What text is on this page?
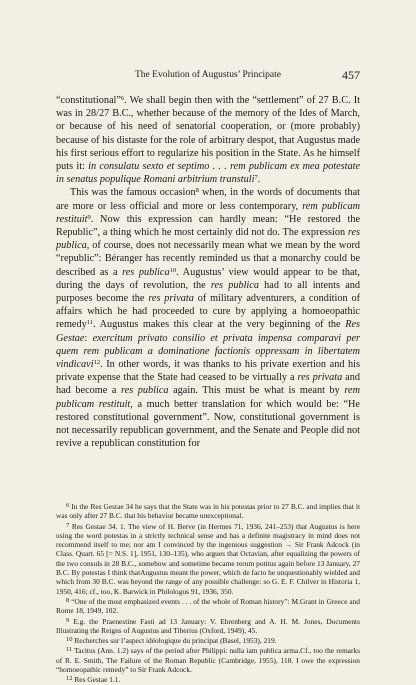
The Evolution of Augustus’ Principate	457

“constitutional”$^6$. We shall begin then with the “settlement” of 27 B.C. It was in 28/27 B.C., whether because of the memory of the Ides of March, or because of his need of senatorial cooperation, or (more probably) because of his distaste for the role of arbitrary despot, that Augustus made his first serious effort to regularize his position in the State. As he himself puts it: in consulatu sexto et septimo . . . rem publicam ex mea potestate in senatus populique Romani arbitrium transtuli$^7$.

This was the famous occasion$^8$ when, in the words of documents that are more or less official and more or less contemporary, rem publicam restituit$^9$. Now this expression can hardly mean: “He restored the Republic”, a thing which he most certainly did not do. The expression res publica, of course, does not necessarily mean what we mean by the word “republic”: Béranger has recently reminded us that a monarchy could be described as a res publica$^{10}$. Augustus’ view would appear to be that, during the days of revolution, the res publica had to all intents and purposes become the res privata of military adventurers, a condition of affairs which he had proceeded to cure by applying a homoeopathic remedy$^{11}$. Augustus makes this clear at the very beginning of the Res Gestae: exercitum privato consilio et privata impensa comparavi per quem rem publicam a dominatione factionis oppressam in libertatem vindicavi$^{12}$. In other words, it was thanks to his private exertion and his private expense that the State had ceased to be virtually a res privata and had become a res publica again. This must be what is meant by rem publicam restituit, a much better translation for which would be: “He restored constitutional government”. Now, constitutional government is not necessarily republican government, and the Senate and People did not revive a republican constitution for

6 In the Res Gestae 34 he says that the State was in his potestas prior to 27 B.C. and implies that it was only after 27 B.C. that his behavior became unexceptional.

7 Res Gestae 34. 1. The view of H. Berve (in Hermes 71, 1936, 241–253) that Augustus is here using the word potestas in a strictly technical sense and has a definite magistracy in mind does not recommend itself to me; nor am I convinced by the ingenious suggestion → Sir Frank Adcock (in Class. Quart. 65 [= N.S. 1], 1951, 130–135), who argues that Octavian, after equalizing the powers of the two consuls in 28 B.C., somehow and sometime became rerum potitus again before 13 January, 27 B.C. By potestas I think thatAugustus meant the power, which de facto he unquestionably wielded and which from 30 B.C. was beyond the range of any possible challenge: so G. E. F. Chilver in Historia 1, 1950, 416; cf., too, K. Barwick in Philologus 91, 1936, 350.

8 “One of the most emphasized events . . . of the whole of Roman history”: M.Grant in Greece and Rome 18, 1949, 102.

9 E.g. the Praenestine Fasti ad 13 January: V. Ehrenberg and A. H. M. Jones, Documents Illustrating the Reigns of Augustus and Tiberius (Oxford, 1949), 45.

10 Recherches sur l’aspect idéologique du principat (Basel, 1953), 219.

11 Tacitus (Ann. 1.2) says of the period after Philippi: nulla iam publica arma.Cf., too the remarks of R. E. Smith, The Failure of the Roman Republic (Cambridge, 1955), 118. I owe the expression “homoeopathic remedy” to Sir Frank Adcock.

12 Res Gestae 1.1.
